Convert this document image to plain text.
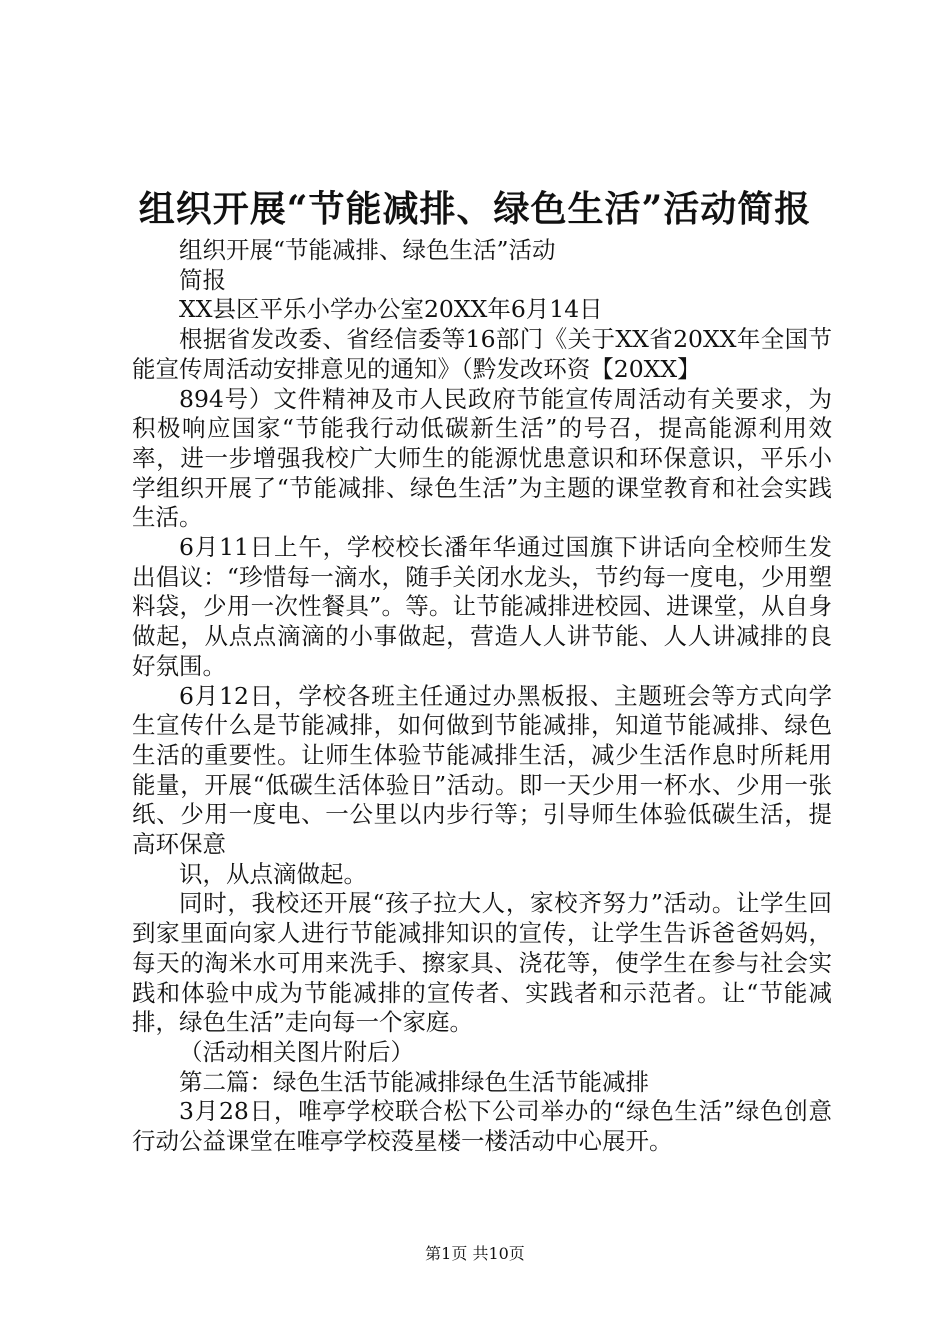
组织开展“节能减排、绿色生活”活动简报

组织开展“节能减排、绿色生活”活动

简报

XX县区平乐小学办公室20XX年6月14日

根据省发改委、省经信委等16部门《关于XX省20XX年全国节能宣传周活动安排意见的通知》（黔发改环资【20XX】

894号）文件精神及市人民政府节能宣传周活动有关要求，为积极响应国家“节能我行动低碳新生活”的号召，提高能源利用效率，进一步增强我校广大师生的能源忧患意识和环保意识，平乐小学组织开展了“节能减排、绿色生活”为主题的课堂教育和社会实践生活。

6月11日上午，学校校长潘年华通过国旗下讲话向全校师生发出倡议：“珍惜每一滴水，随手关闭水龙头，节约每一度电，少用塑料袋，少用一次性餐具”。等。让节能减排进校园、进课堂，从自身做起，从点点滴滴的小事做起，营造人人讲节能、人人讲减排的良好氛围。

6月12日，学校各班主任通过办黑板报、主题班会等方式向学生宣传什么是节能减排，如何做到节能减排，知道节能减排、绿色生活的重要性。让师生体验节能减排生活，减少生活作息时所耗用能量，开展“低碳生活体验日”活动。即一天少用一杯水、少用一张纸、少用一度电、一公里以内步行等；引导师生体验低碳生活，提高环保意

识，从点滴做起。

同时，我校还开展“孩子拉大人，家校齐努力”活动。让学生回到家里面向家人进行节能减排知识的宣传，让学生告诉爸爸妈妈，每天的淘米水可用来洗手、擦家具、浇花等，使学生在参与社会实践和体验中成为节能减排的宣传者、实践者和示范者。让“节能减排，绿色生活”走向每一个家庭。

（活动相关图片附后）

第二篇：绿色生活节能减排绿色生活节能减排

3月28日，唯亭学校联合松下公司举办的“绿色生活”绿色创意行动公益课堂在唯亭学校莈星楼一楼活动中心展开。

第1页 共10页
